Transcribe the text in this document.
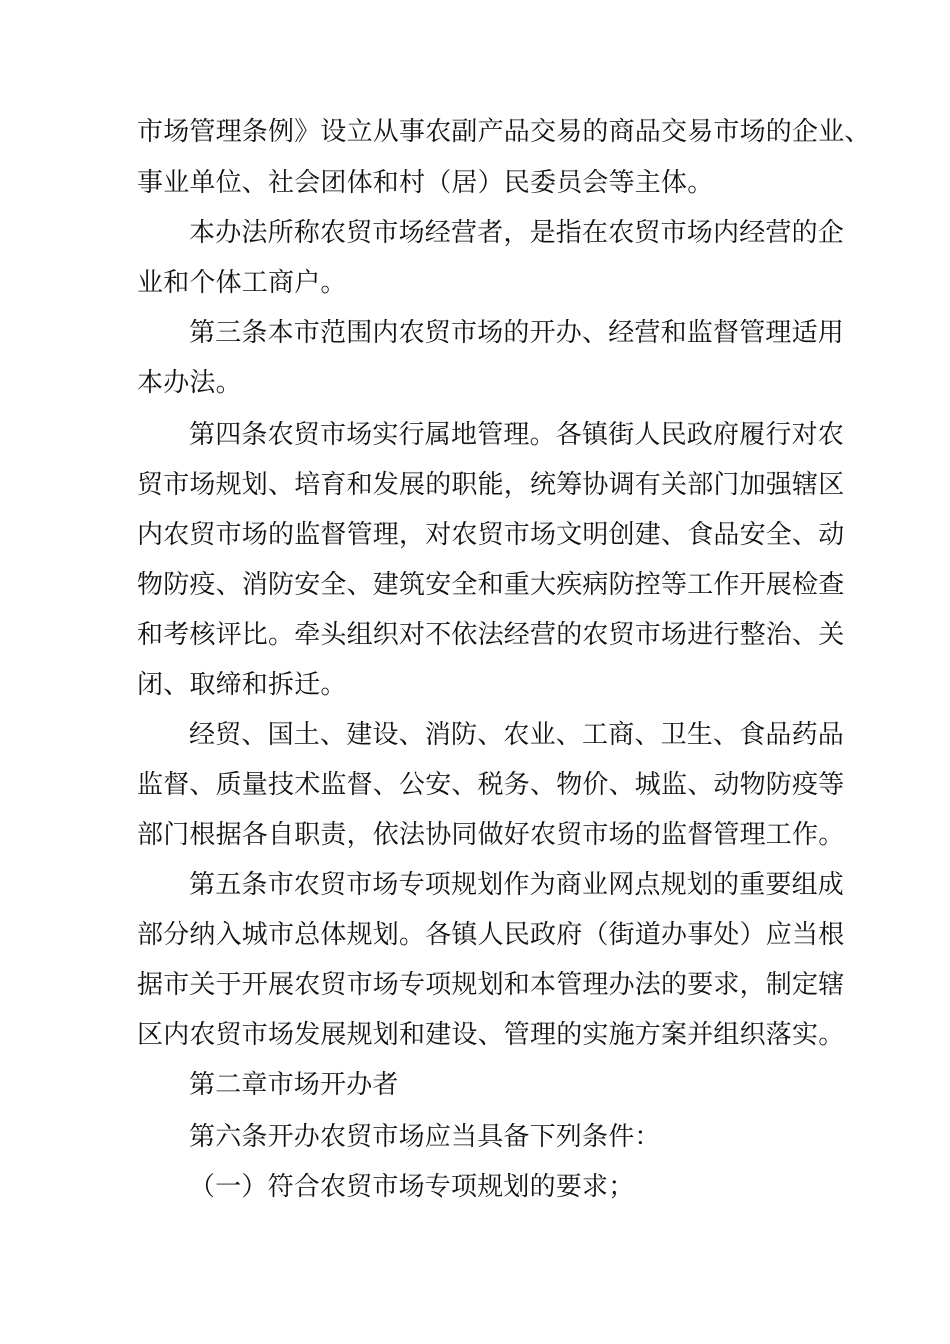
市场管理条例》设立从事农副产品交易的商品交易市场的企业、
事业单位、社会团体和村（居）民委员会等主体。
本办法所称农贸市场经营者，是指在农贸市场内经营的企
业和个体工商户。
第三条本市范围内农贸市场的开办、经营和监督管理适用
本办法。
第四条农贸市场实行属地管理。各镇街人民政府履行对农
贸市场规划、培育和发展的职能，统筹协调有关部门加强辖区
内农贸市场的监督管理，对农贸市场文明创建、食品安全、动
物防疫、消防安全、建筑安全和重大疾病防控等工作开展检查
和考核评比。牵头组织对不依法经营的农贸市场进行整治、关
闭、取缔和拆迁。
经贸、国土、建设、消防、农业、工商、卫生、食品药品
监督、质量技术监督、公安、税务、物价、城监、动物防疫等
部门根据各自职责，依法协同做好农贸市场的监督管理工作。
第五条市农贸市场专项规划作为商业网点规划的重要组成
部分纳入城市总体规划。各镇人民政府（街道办事处）应当根
据市关于开展农贸市场专项规划和本管理办法的要求，制定辖
区内农贸市场发展规划和建设、管理的实施方案并组织落实。
第二章市场开办者
第六条开办农贸市场应当具备下列条件：
（一）符合农贸市场专项规划的要求；
